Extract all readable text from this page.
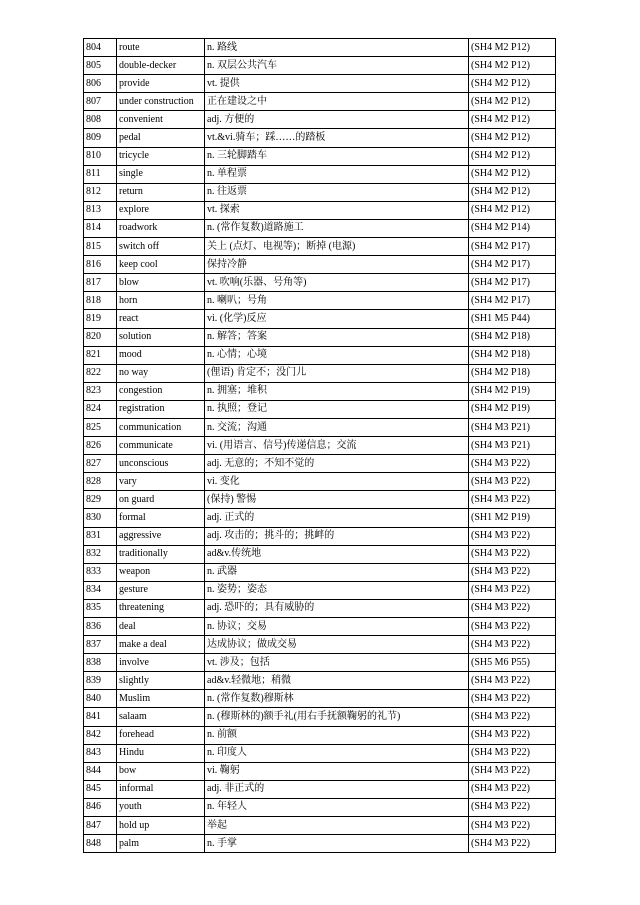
804	route	n. 路线	(SH4 M2 P12)
805	double-decker	n. 双层公共汽车	(SH4 M2 P12)
806	provide	vt. 提供	(SH4 M2 P12)
807	under construction	正在建设之中	(SH4 M2 P12)
808	convenient	adj. 方便的	(SH4 M2 P12)
809	pedal	vt.&vi.骑车；踩……的踏板	(SH4 M2 P12)
810	tricycle	n. 三轮脚踏车	(SH4 M2 P12)
811	single	n. 单程票	(SH4 M2 P12)
812	return	n. 往返票	(SH4 M2 P12)
813	explore	vt. 探索	(SH4 M2 P12)
814	roadwork	n. (常作复数)道路施工	(SH4 M2 P14)
815	switch off	关上 (点灯、电视等)；断掉 (电源)	(SH4 M2 P17)
816	keep cool	保持冷静	(SH4 M2 P17)
817	blow	vt. 吹响(乐器、号角等)	(SH4 M2 P17)
818	horn	n. 喇叭；号角	(SH4 M2 P17)
819	react	vi. (化学)反应	(SH1 M5 P44)
820	solution	n. 解答；答案	(SH4 M2 P18)
821	mood	n. 心情；心境	(SH4 M2 P18)
822	no way	(俚语) 肯定不；没门儿	(SH4 M2 P18)
823	congestion	n. 拥塞；堆积	(SH4 M2 P19)
824	registration	n. 执照；登记	(SH4 M2 P19)
825	communication	n. 交流；沟通	(SH4 M3 P21)
826	communicate	vi. (用语言、信号)传递信息；交流	(SH4 M3 P21)
827	unconscious	adj. 无意的；不知不觉的	(SH4 M3 P22)
828	vary	vi. 变化	(SH4 M3 P22)
829	on guard	(保持) 警惕	(SH4 M3 P22)
830	formal	adj. 正式的	(SH1 M2 P19)
831	aggressive	adj. 攻击的；挑斗的；挑衅的	(SH4 M3 P22)
832	traditionally	ad&v.传统地	(SH4 M3 P22)
833	weapon	n. 武器	(SH4 M3 P22)
834	gesture	n. 姿势；姿态	(SH4 M3 P22)
835	threatening	adj. 恐吓的；具有威胁的	(SH4 M3 P22)
836	deal	n. 协议；交易	(SH4 M3 P22)
837	make a deal	达成协议；做成交易	(SH4 M3 P22)
838	involve	vt. 涉及；包括	(SH5 M6 P55)
839	slightly	ad&v.轻微地；稍微	(SH4 M3 P22)
840	Muslim	n. (常作复数)穆斯林	(SH4 M3 P22)
841	salaam	n. (穆斯林的)额手礼(用右手抚额鞠躬的礼节)	(SH4 M3 P22)
842	forehead	n. 前额	(SH4 M3 P22)
843	Hindu	n. 印度人	(SH4 M3 P22)
844	bow	vi. 鞠躬	(SH4 M3 P22)
845	informal	adj. 非正式的	(SH4 M3 P22)
846	youth	n. 年轻人	(SH4 M3 P22)
847	hold up	举起	(SH4 M3 P22)
848	palm	n. 手掌	(SH4 M3 P22)
